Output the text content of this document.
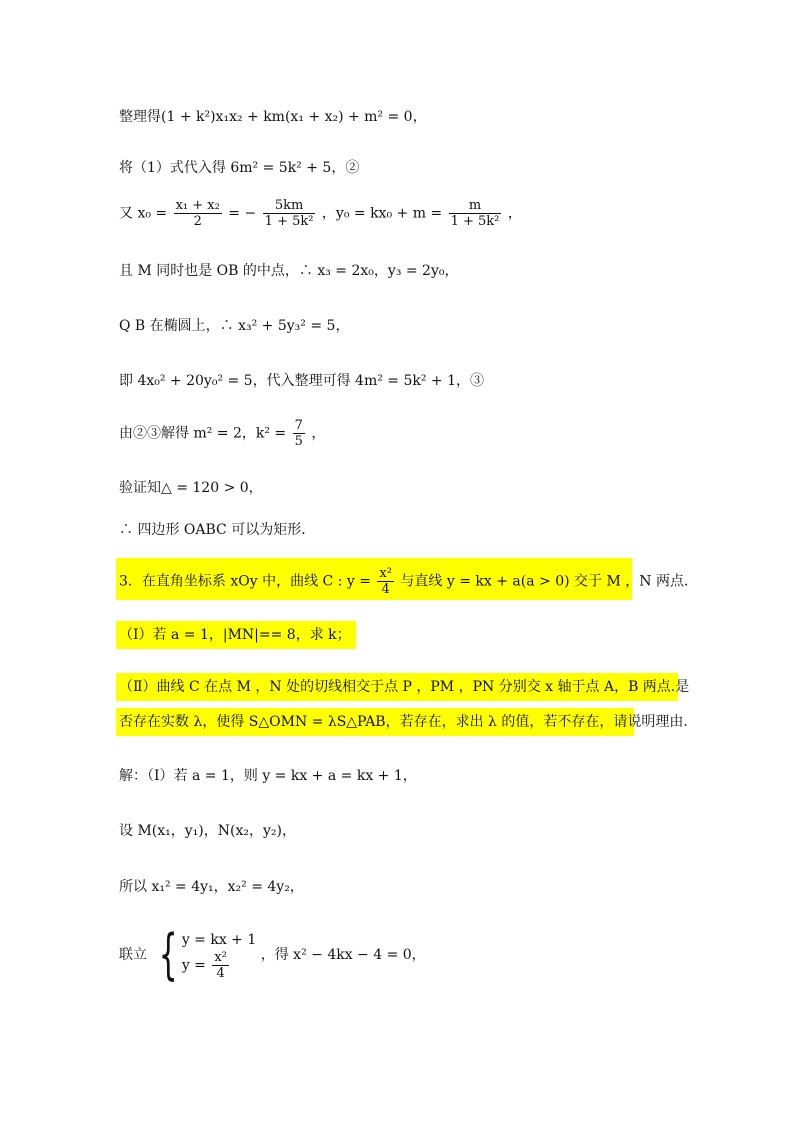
整理得(1 + k²)x₁x₂ + km(x₁ + x₂) + m² = 0，
将（1）式代入得 6m² = 5k² + 5，②
又 $x_0 = \frac{\text{x₁ + x₂}}{2}$ = − $\frac{5km}{\text{1 + 5k²}}$ ，$y_0 = kx_0 + m = \frac{m}{\text{1 + 5k²}}$ ，
且 M 同时也是 OB 的中点，∴ x₃ = 2x₀，y₃ = 2y₀，
Q B 在椭圆上，∴ x₃² + 5y₃² = 5，
即 4x₀² + 20y₀² = 5，代入整理可得 4m² = 5k² + 1，③
由②③解得 m² = 2，$k^2 = \frac{7}{5}$ ，
验证知△ = 120 > 0，
∴ 四边形 OABC 可以为矩形．
3．在直角坐标系 xOy 中，曲线 C : $y = \frac{\text{x²}}{4}$ 与直线 y = kx + a(a > 0) 交于 M ，N 两点．
（Ⅰ）若 a = 1，|MN|== 8，求 k；
（Ⅱ）曲线 C 在点 M ，N 处的切线相交于点 P ，PM ，PN 分别交 x 轴于点 A，B 两点.是
否存在实数 λ，使得 S△OMN = λS△PAB，若存在，求出 λ 的值，若不存在，请说明理由．
解：（Ⅰ）若 a = 1，则 y = kx + a = kx + 1，
设 M(x₁，y₁)，N(x₂，y₂)，
所以 x₁² = 4y₁，x₂² = 4y₂，
联立 { y = kx + 1
$y = \frac{\text{x²}}{4}$ ，得 x² − 4kx − 4 = 0，
